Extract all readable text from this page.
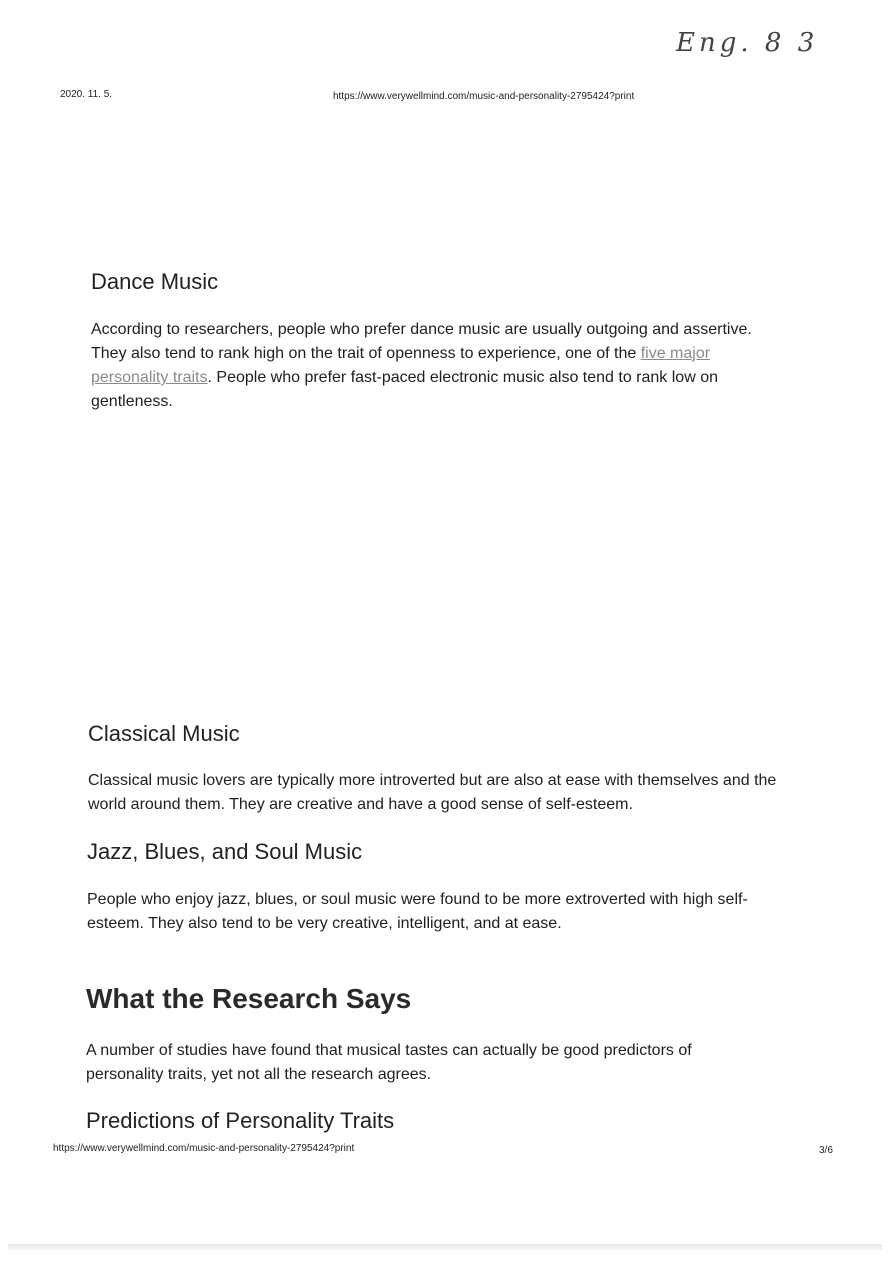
Eng. 8 3
2020. 11. 5.	https://www.verywellmind.com/music-and-personality-2795424?print
Dance Music

According to researchers, people who prefer dance music are usually outgoing and assertive. They also tend to rank high on the trait of openness to experience, one of the five major personality traits. People who prefer fast-paced electronic music also tend to rank low on gentleness.

Classical Music

Classical music lovers are typically more introverted but are also at ease with themselves and the world around them. They are creative and have a good sense of self-esteem.

Jazz, Blues, and Soul Music

People who enjoy jazz, blues, or soul music were found to be more extroverted with high self-esteem. They also tend to be very creative, intelligent, and at ease.

What the Research Says

A number of studies have found that musical tastes can actually be good predictors of personality traits, yet not all the research agrees.

Predictions of Personality Traits
https://www.verywellmind.com/music-and-personality-2795424?print	3/6
